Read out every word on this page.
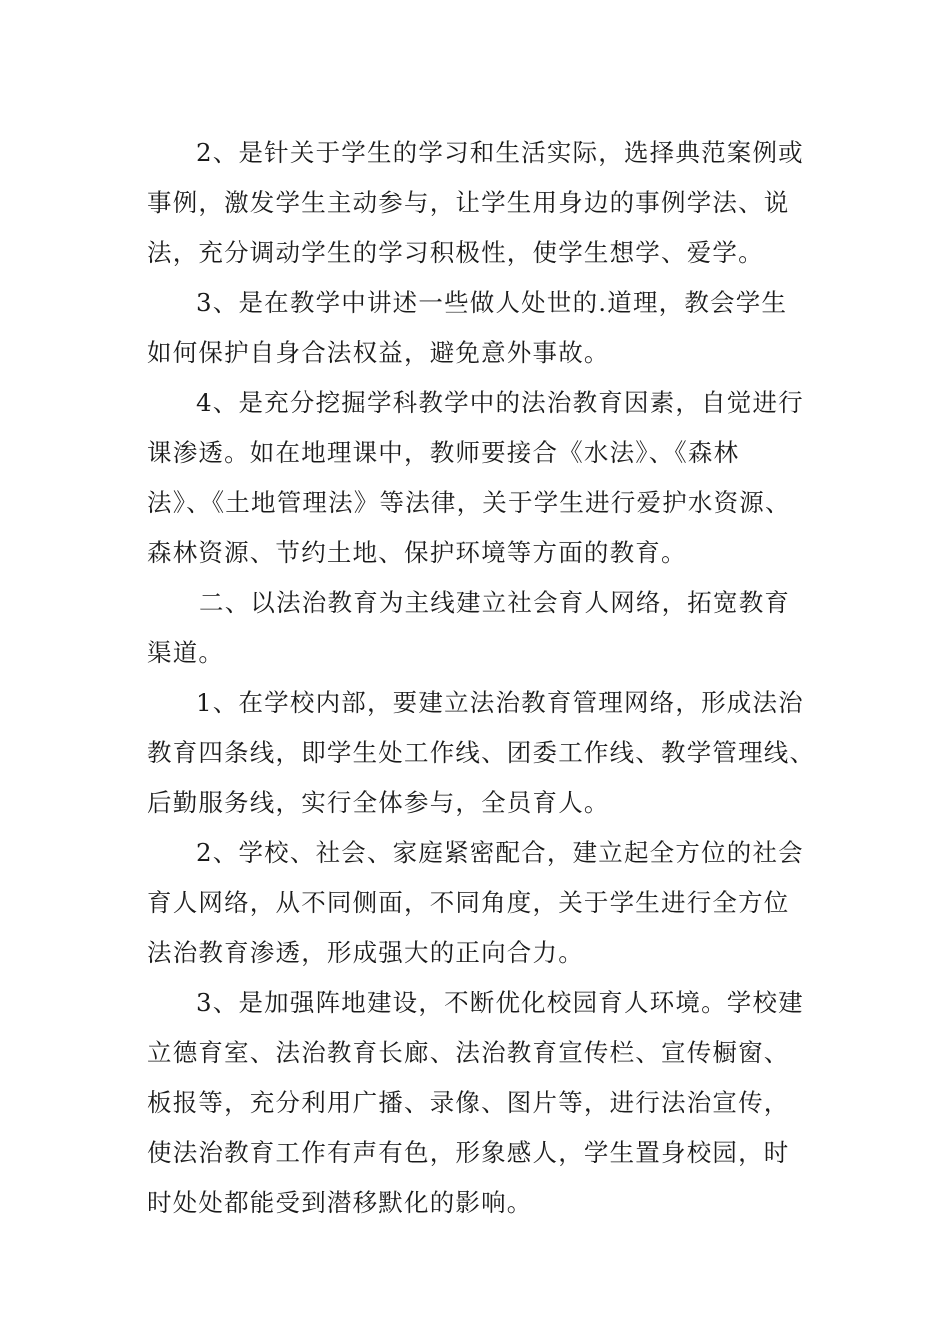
2、是针关于学生的学习和生活实际，选择典范案例或
事例，激发学生主动参与，让学生用身边的事例学法、说
法，充分调动学生的学习积极性，使学生想学、爱学。
3、是在教学中讲述一些做人处世的.道理，教会学生
如何保护自身合法权益，避免意外事故。
4、是充分挖掘学科教学中的法治教育因素，自觉进行
课渗透。如在地理课中，教师要接合《水法》、《森林
法》、《土地管理法》等法律，关于学生进行爱护水资源、
森林资源、节约土地、保护环境等方面的教育。
二、以法治教育为主线建立社会育人网络，拓宽教育
渠道。
1、在学校内部，要建立法治教育管理网络，形成法治
教育四条线，即学生处工作线、团委工作线、教学管理线、
后勤服务线，实行全体参与，全员育人。
2、学校、社会、家庭紧密配合，建立起全方位的社会
育人网络，从不同侧面，不同角度，关于学生进行全方位
法治教育渗透，形成强大的正向合力。
3、是加强阵地建设，不断优化校园育人环境。学校建
立德育室、法治教育长廊、法治教育宣传栏、宣传橱窗、
板报等，充分利用广播、录像、图片等，进行法治宣传，
使法治教育工作有声有色，形象感人，学生置身校园，时
时处处都能受到潜移默化的影响。
